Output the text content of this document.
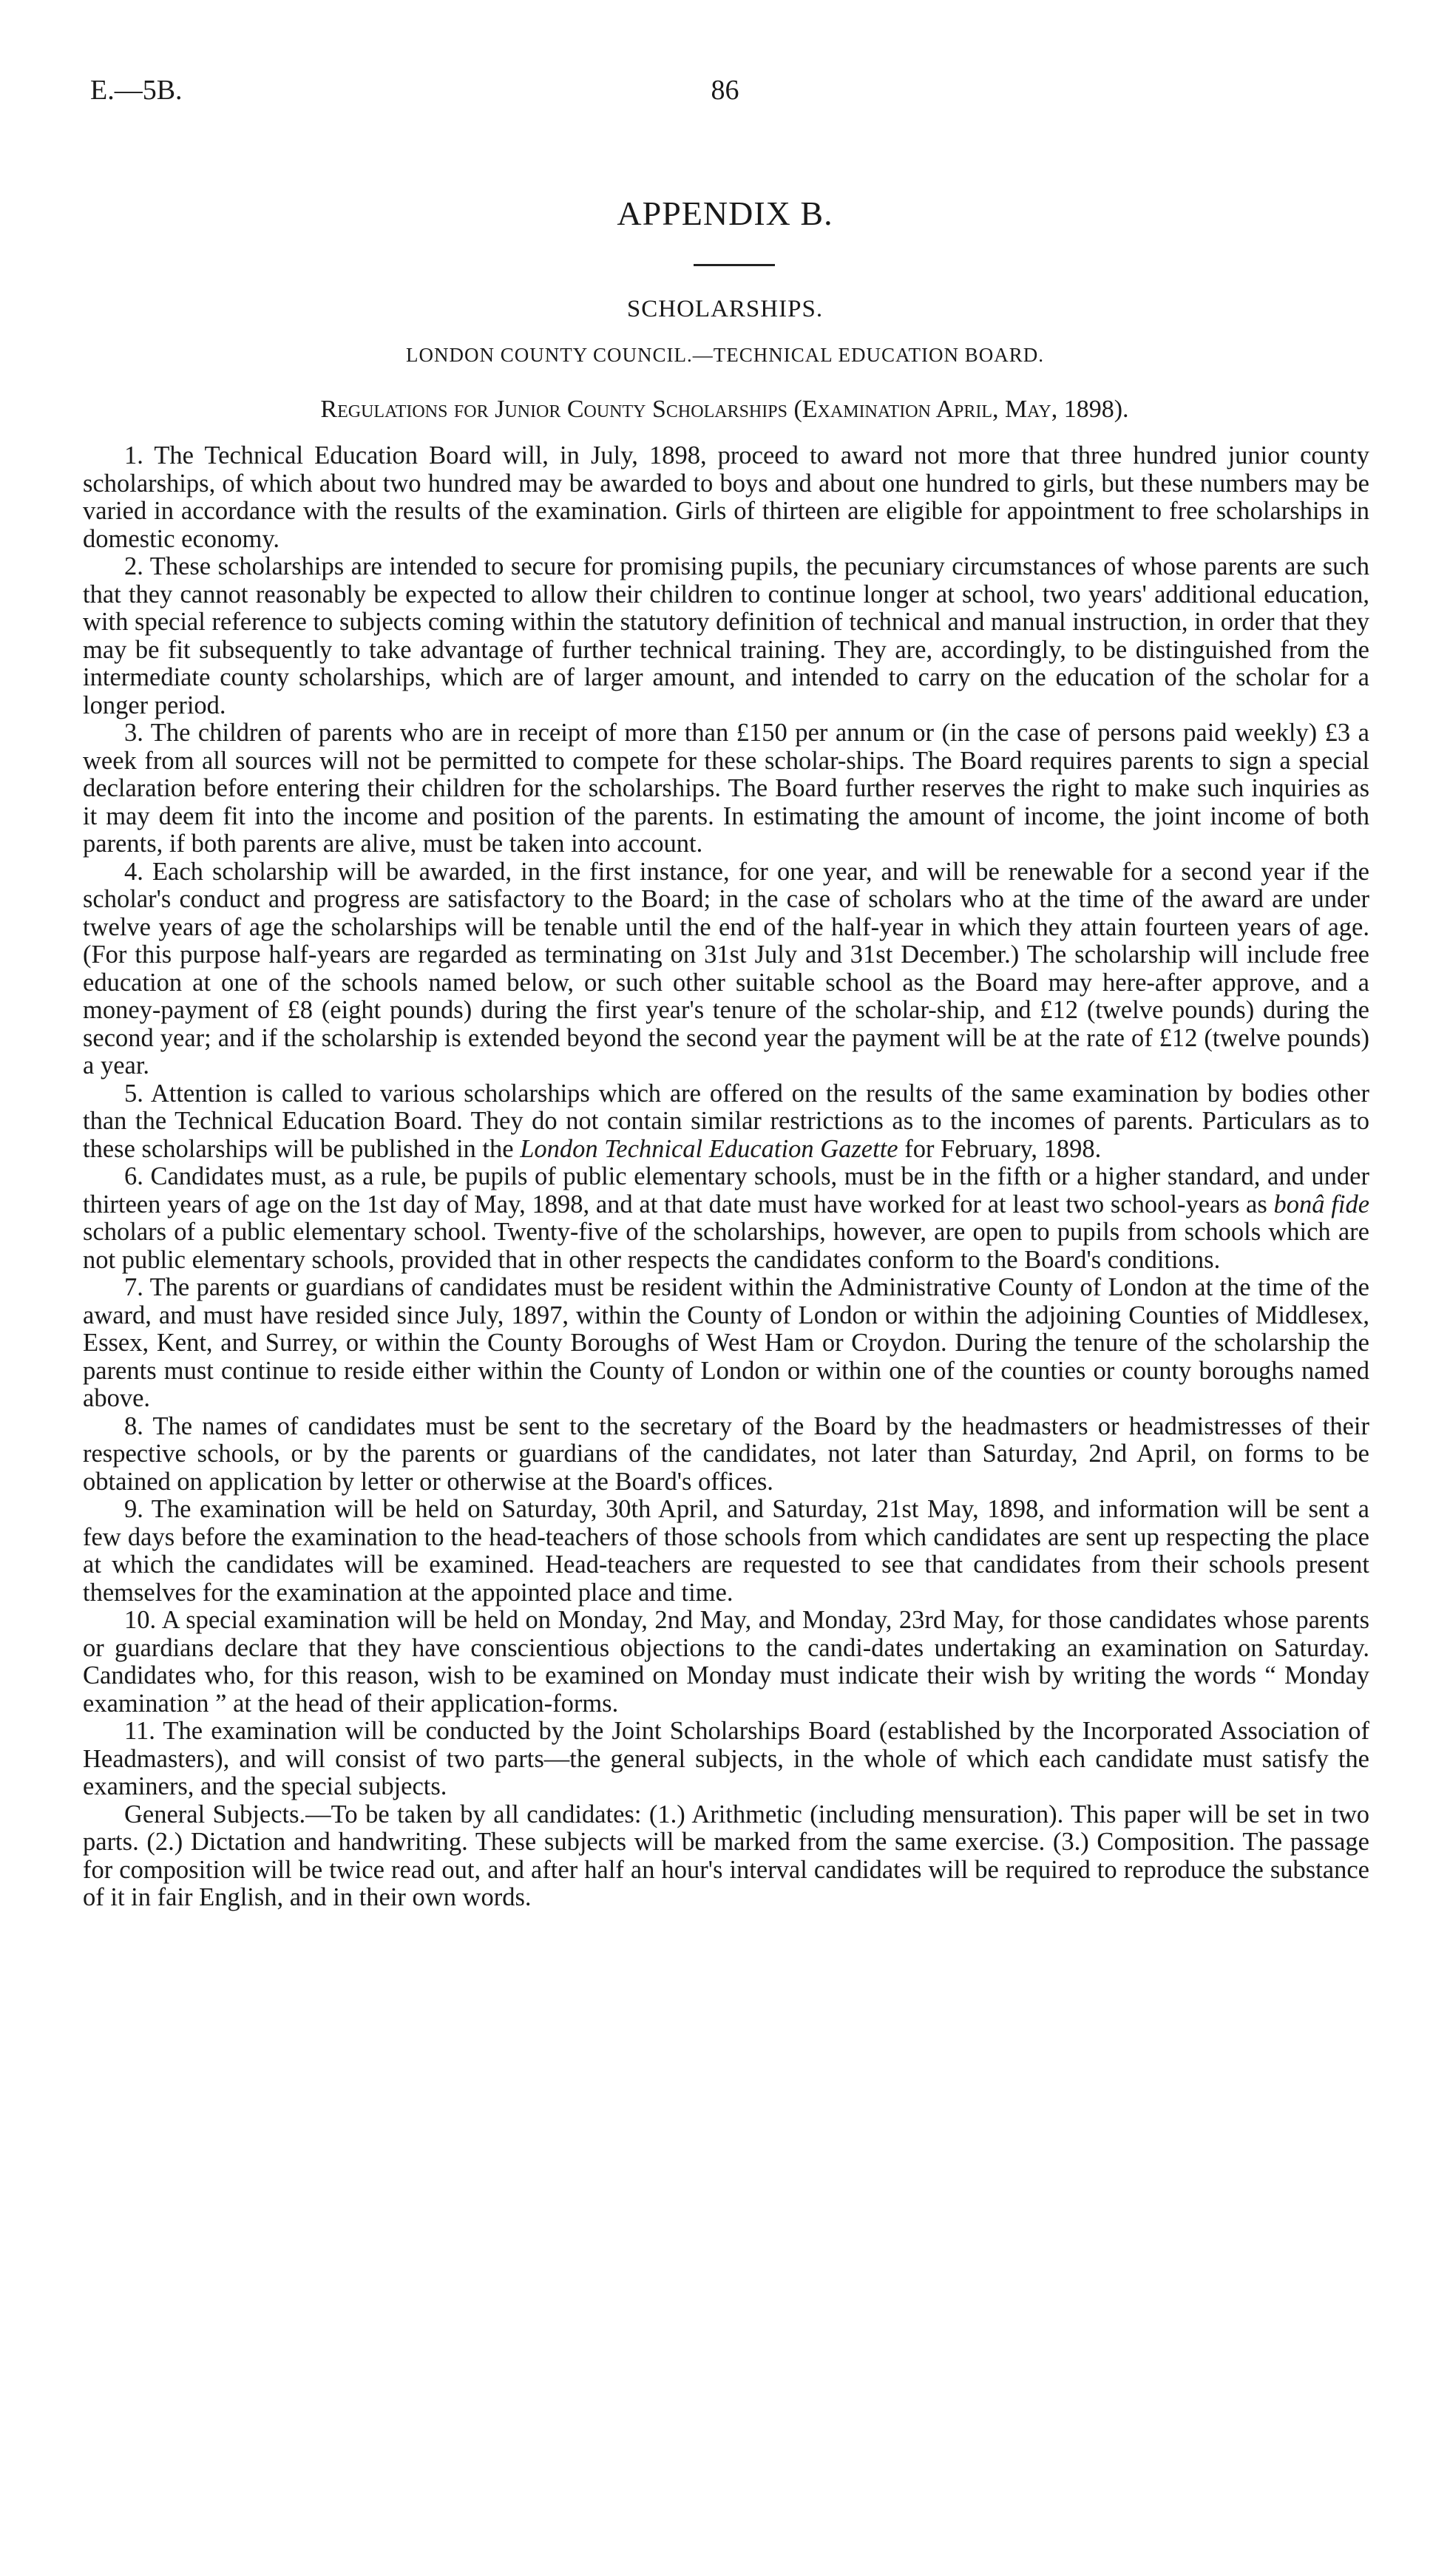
E.—5B.	86
APPENDIX B.
SCHOLARSHIPS.
LONDON COUNTY COUNCIL.—TECHNICAL EDUCATION BOARD.
Regulations for Junior County Scholarships (Examination April, May, 1898).

1. The Technical Education Board will, in July, 1898, proceed to award not more that three hundred junior county scholarships, of which about two hundred may be awarded to boys and about one hundred to girls, but these numbers may be varied in accordance with the results of the examination. Girls of thirteen are eligible for appointment to free scholarships in domestic economy.

2. These scholarships are intended to secure for promising pupils, the pecuniary circumstances of whose parents are such that they cannot reasonably be expected to allow their children to continue longer at school, two years' additional education, with special reference to subjects coming within the statutory definition of technical and manual instruction, in order that they may be fit subsequently to take advantage of further technical training. They are, accordingly, to be distinguished from the intermediate county scholarships, which are of larger amount, and intended to carry on the education of the scholar for a longer period.

3. The children of parents who are in receipt of more than £150 per annum or (in the case of persons paid weekly) £3 a week from all sources will not be permitted to compete for these scholar-ships. The Board requires parents to sign a special declaration before entering their children for the scholarships. The Board further reserves the right to make such inquiries as it may deem fit into the income and position of the parents. In estimating the amount of income, the joint income of both parents, if both parents are alive, must be taken into account.

4. Each scholarship will be awarded, in the first instance, for one year, and will be renewable for a second year if the scholar's conduct and progress are satisfactory to the Board; in the case of scholars who at the time of the award are under twelve years of age the scholarships will be tenable until the end of the half-year in which they attain fourteen years of age. (For this purpose half-years are regarded as terminating on 31st July and 31st December.) The scholarship will include free education at one of the schools named below, or such other suitable school as the Board may here-after approve, and a money-payment of £8 (eight pounds) during the first year's tenure of the scholar-ship, and £12 (twelve pounds) during the second year; and if the scholarship is extended beyond the second year the payment will be at the rate of £12 (twelve pounds) a year.

5. Attention is called to various scholarships which are offered on the results of the same examination by bodies other than the Technical Education Board. They do not contain similar restrictions as to the incomes of parents. Particulars as to these scholarships will be published in the London Technical Education Gazette for February, 1898.

6. Candidates must, as a rule, be pupils of public elementary schools, must be in the fifth or a higher standard, and under thirteen years of age on the 1st day of May, 1898, and at that date must have worked for at least two school-years as bonâ fide scholars of a public elementary school. Twenty-five of the scholarships, however, are open to pupils from schools which are not public elementary schools, provided that in other respects the candidates conform to the Board's conditions.

7. The parents or guardians of candidates must be resident within the Administrative County of London at the time of the award, and must have resided since July, 1897, within the County of London or within the adjoining Counties of Middlesex, Essex, Kent, and Surrey, or within the County Boroughs of West Ham or Croydon. During the tenure of the scholarship the parents must continue to reside either within the County of London or within one of the counties or county boroughs named above.

8. The names of candidates must be sent to the secretary of the Board by the headmasters or headmistresses of their respective schools, or by the parents or guardians of the candidates, not later than Saturday, 2nd April, on forms to be obtained on application by letter or otherwise at the Board's offices.

9. The examination will be held on Saturday, 30th April, and Saturday, 21st May, 1898, and information will be sent a few days before the examination to the head-teachers of those schools from which candidates are sent up respecting the place at which the candidates will be examined. Head-teachers are requested to see that candidates from their schools present themselves for the examination at the appointed place and time.

10. A special examination will be held on Monday, 2nd May, and Monday, 23rd May, for those candidates whose parents or guardians declare that they have conscientious objections to the candi-dates undertaking an examination on Saturday. Candidates who, for this reason, wish to be examined on Monday must indicate their wish by writing the words “ Monday examination ” at the head of their application-forms.

11. The examination will be conducted by the Joint Scholarships Board (established by the Incorporated Association of Headmasters), and will consist of two parts—the general subjects, in the whole of which each candidate must satisfy the examiners, and the special subjects.

General Subjects.—To be taken by all candidates: (1.) Arithmetic (including mensuration). This paper will be set in two parts. (2.) Dictation and handwriting. These subjects will be marked from the same exercise. (3.) Composition. The passage for composition will be twice read out, and after half an hour's interval candidates will be required to reproduce the substance of it in fair English, and in their own words.
